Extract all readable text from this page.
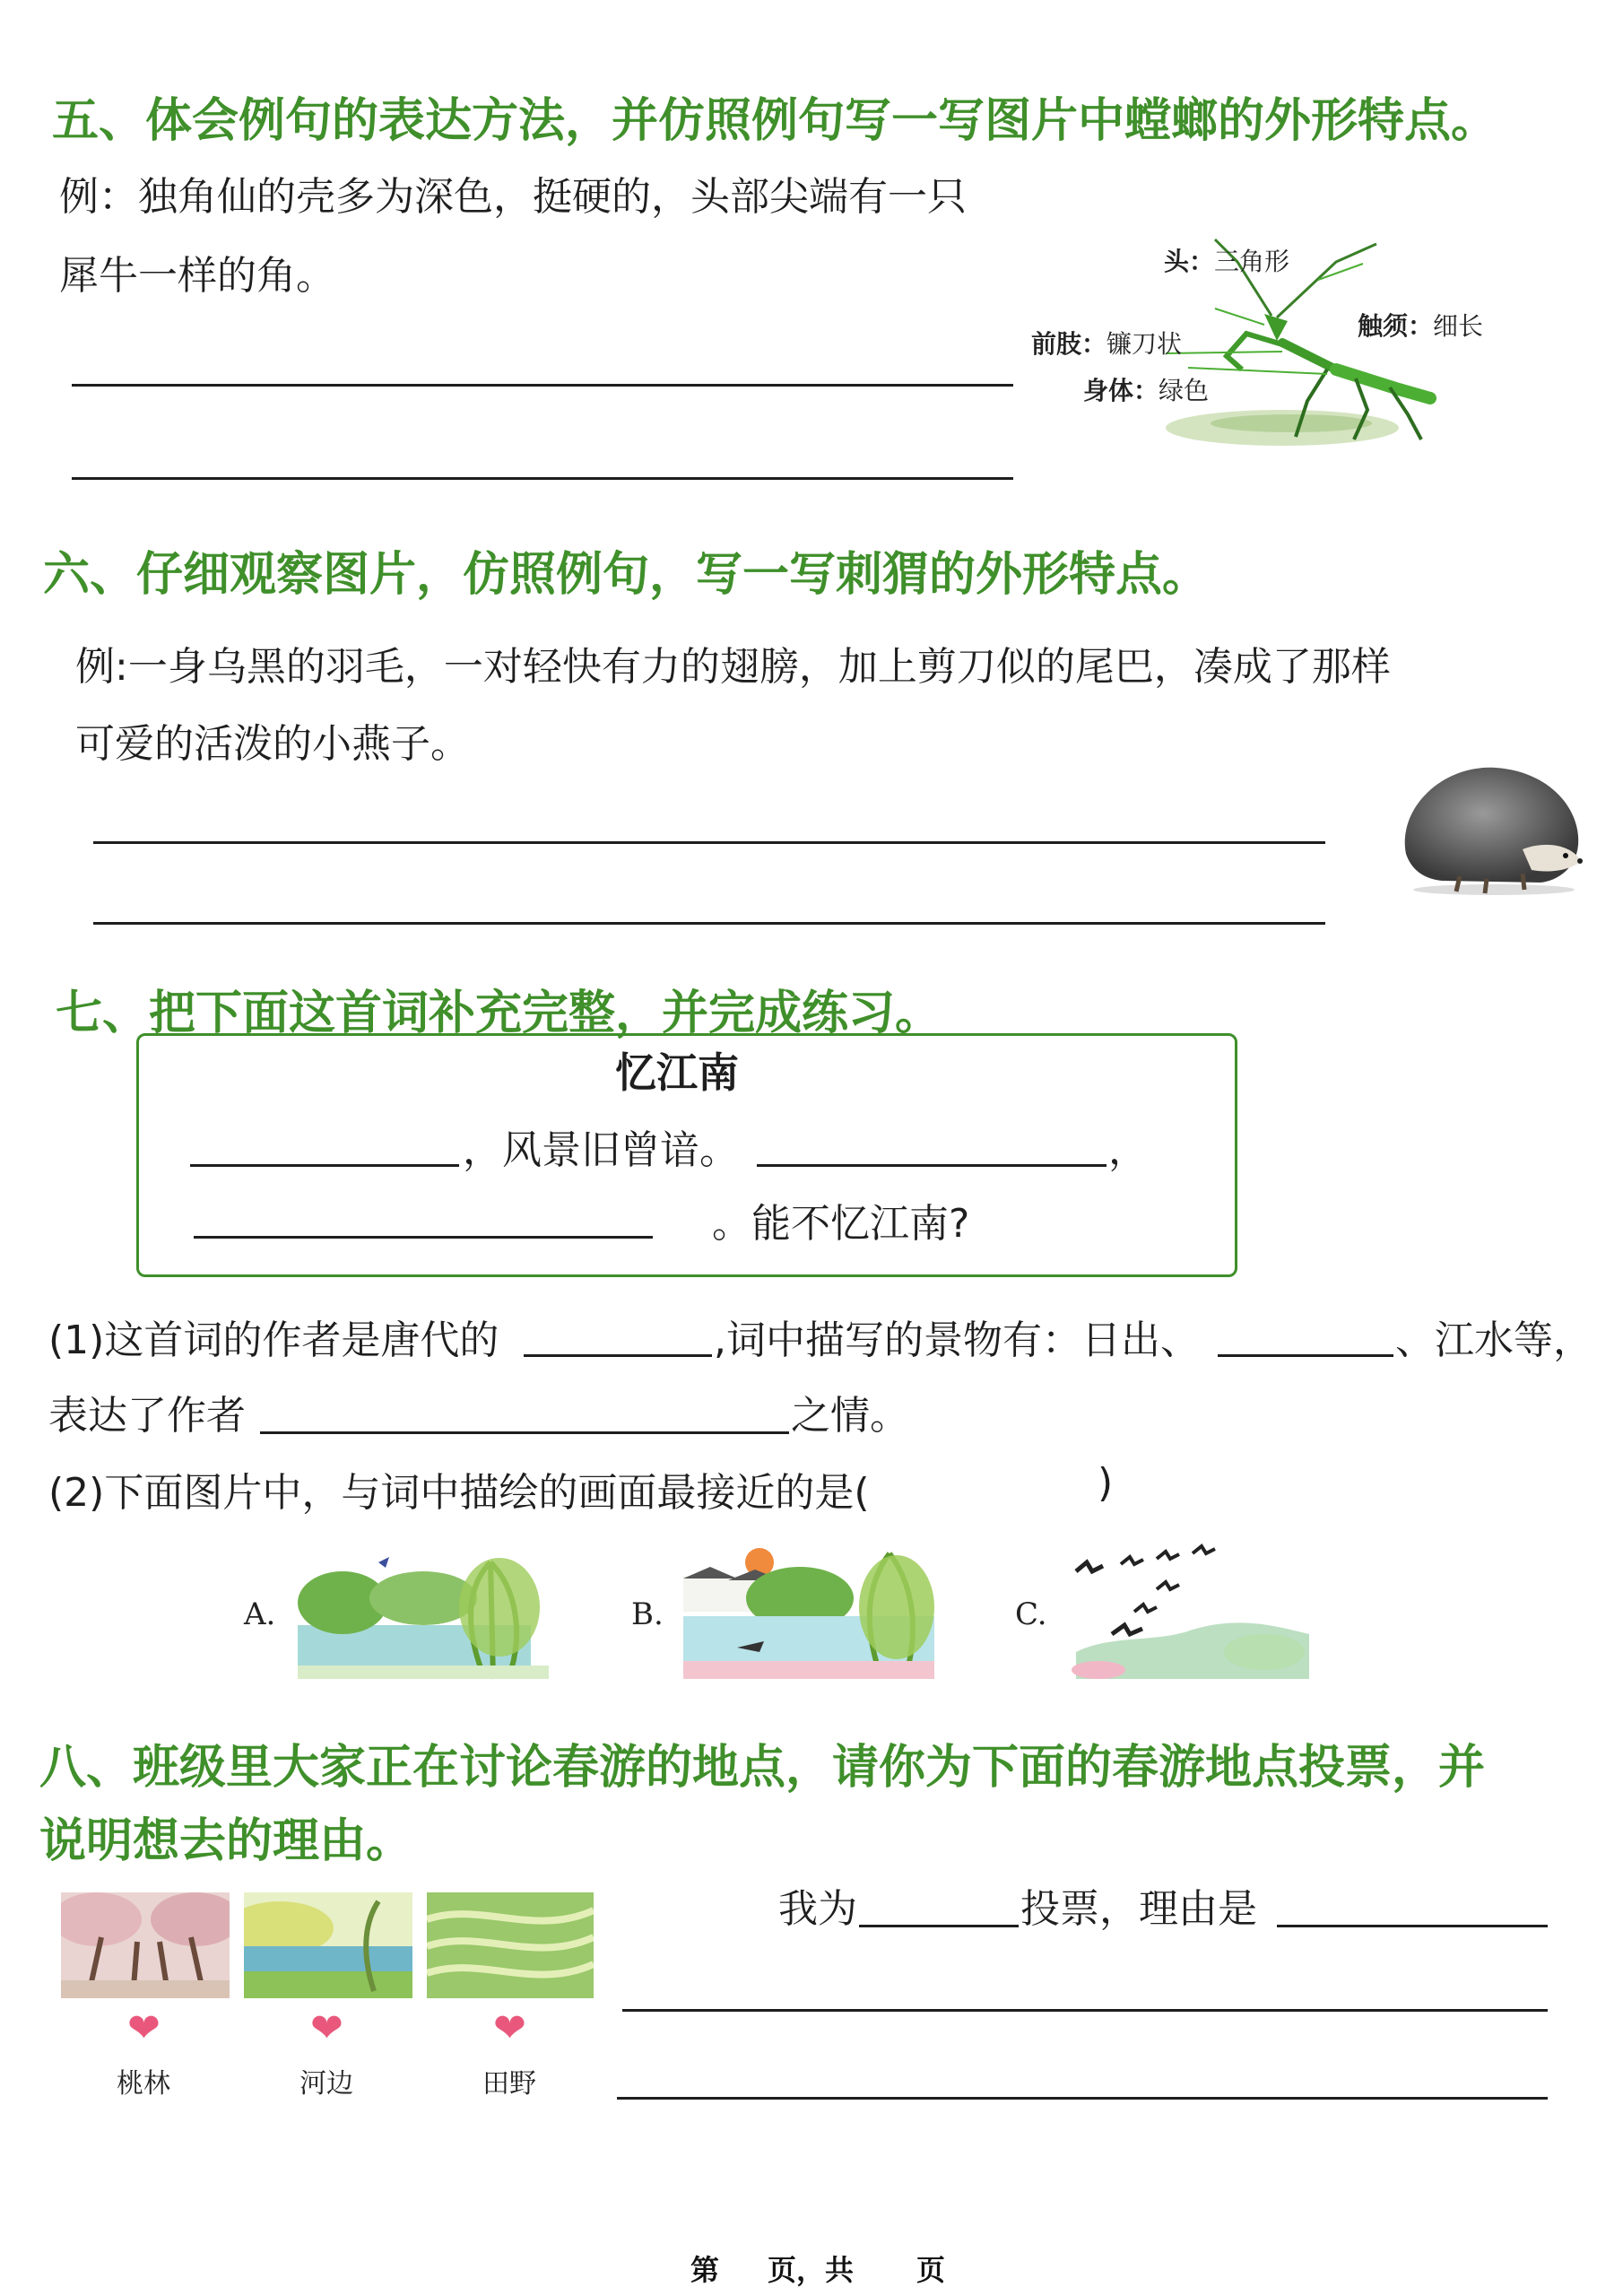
五、体会例句的表达方法，并仿照例句写一写图片中螳螂的外形特点。
例：独角仙的壳多为深色，挺硬的，头部尖端有一只
犀牛一样的角。	头：三角形
触须：细长
前肢：镰刀状
身体：绿色
六、仔细观察图片，仿照例句，写一写刺猬的外形特点。
例:一身乌黑的羽毛，一对轻快有力的翅膀，加上剪刀似的尾巴，凑成了那样
可爱的活泼的小燕子。
七、把下面这首词补充完整，并完成练习。
忆江南
，风景旧曾谙。	，
。能不忆江南?
(1)这首词的作者是唐代的	,词中描写的景物有：日出、	、江水等，
表达了作者	之情。
(2)下面图片中，与词中描绘的画面最接近的是(	)
A.	B.	C.
八、班级里大家正在讨论春游的地点，请你为下面的春游地点投票，并
说明想去的理由。
❤	❤	❤
桃林	河边	田野
我为	投票，理由是
第 页，共 页
